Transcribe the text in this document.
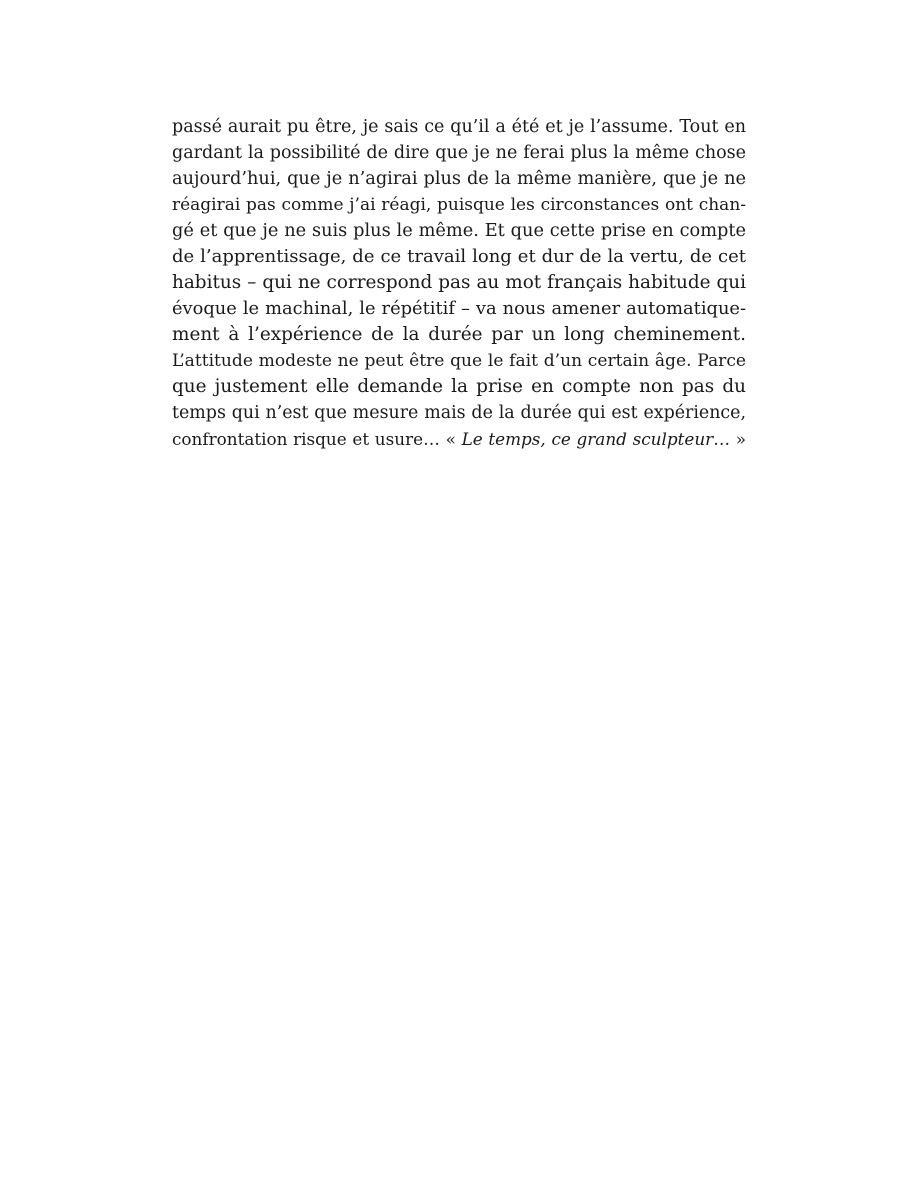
passé aurait pu être, je sais ce qu’il a été et je l’assume. Tout en
gardant la possibilité de dire que je ne ferai plus la même chose
aujourd’hui, que je n’agirai plus de la même manière, que je ne
réagirai pas comme j’ai réagi, puisque les circonstances ont chan-
gé et que je ne suis plus le même. Et que cette prise en compte
de l’apprentissage, de ce travail long et dur de la vertu, de cet
habitus – qui ne correspond pas au mot français habitude qui
évoque le machinal, le répétitif – va nous amener automatique-
ment à l’expérience de la durée par un long cheminement.
L’attitude modeste ne peut être que le fait d’un certain âge. Parce
que justement elle demande la prise en compte non pas du
temps qui n’est que mesure mais de la durée qui est expérience,
confrontation risque et usure… « Le temps, ce grand sculpteur… »
